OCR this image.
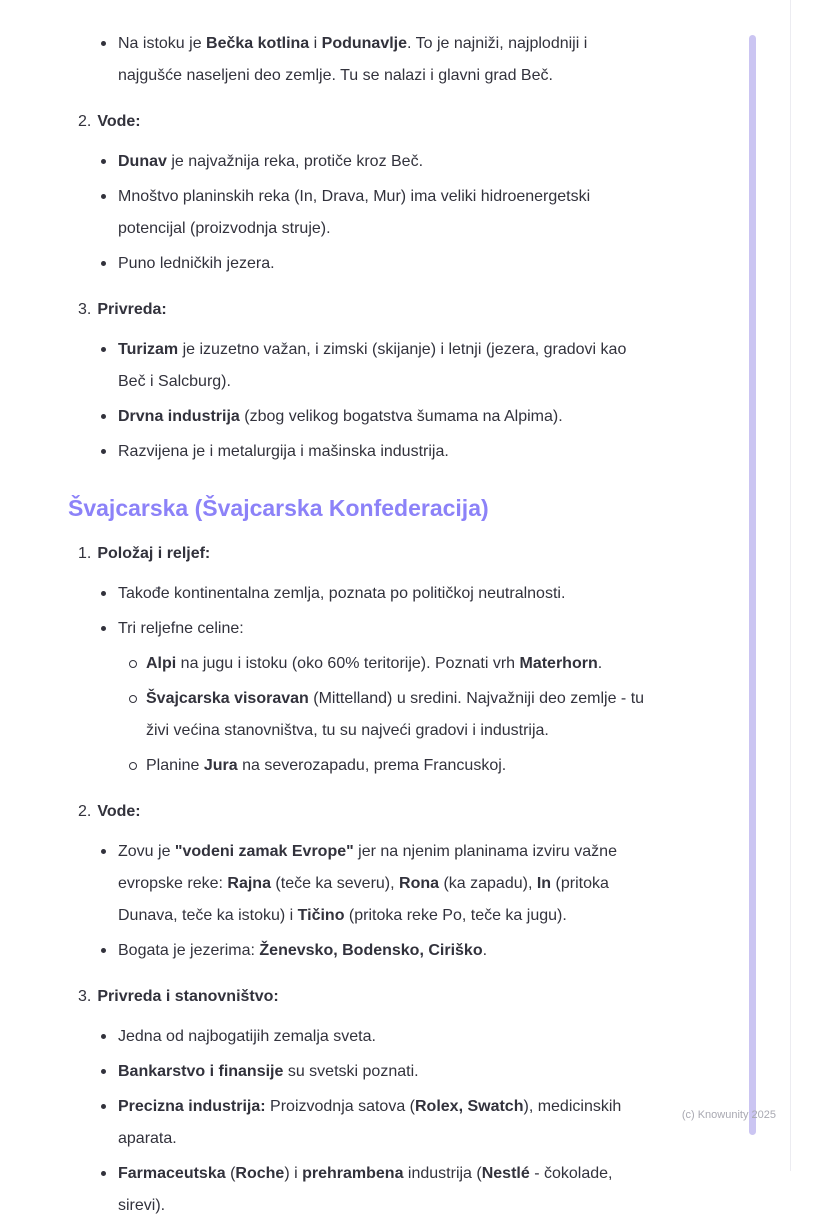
Na istoku je Bečka kotlina i Podunavlje. To je najniži, najplodniji i najgušće naseljeni deo zemlje. Tu se nalazi i glavni grad Beč.
2. Vode:
Dunav je najvažnija reka, protiče kroz Beč.
Mnoštvo planinskih reka (In, Drava, Mur) ima veliki hidroenergetski potencijal (proizvodnja struje).
Puno ledničkih jezera.
3. Privreda:
Turizam je izuzetno važan, i zimski (skijanje) i letnji (jezera, gradovi kao Beč i Salcburg).
Drvna industrija (zbog velikog bogatstva šumama na Alpima).
Razvijena je i metalurgija i mašinska industrija.
Švajcarska (Švajcarska Konfederacija)
1. Položaj i reljef:
Takođe kontinentalna zemlja, poznata po političkoj neutralnosti.
Tri reljefne celine:
Alpi na jugu i istoku (oko 60% teritorije). Poznati vrh Materhorn.
Švajcarska visoravan (Mittelland) u sredini. Najvažniji deo zemlje - tu živi većina stanovništva, tu su najveći gradovi i industrija.
Planine Jura na severozapadu, prema Francuskoj.
2. Vode:
Zovu je "vodeni zamak Evrope" jer na njenim planinama izviru važne evropske reke: Rajna (teče ka severu), Rona (ka zapadu), In (pritoka Dunava, teče ka istoku) i Tičino (pritoka reke Po, teče ka jugu).
Bogata je jezerima: Ženevsko, Bodensko, Ciriško.
3. Privreda i stanovništvo:
Jedna od najbogatijih zemalja sveta.
Bankarstvo i finansije su svetski poznati.
Precizna industrija: Proizvodnja satova (Rolex, Swatch), medicinskih aparata.
Farmaceutska (Roche) i prehrambena industrija (Nestlé - čokolade, sirevi).
(c) Knowunity 2025
